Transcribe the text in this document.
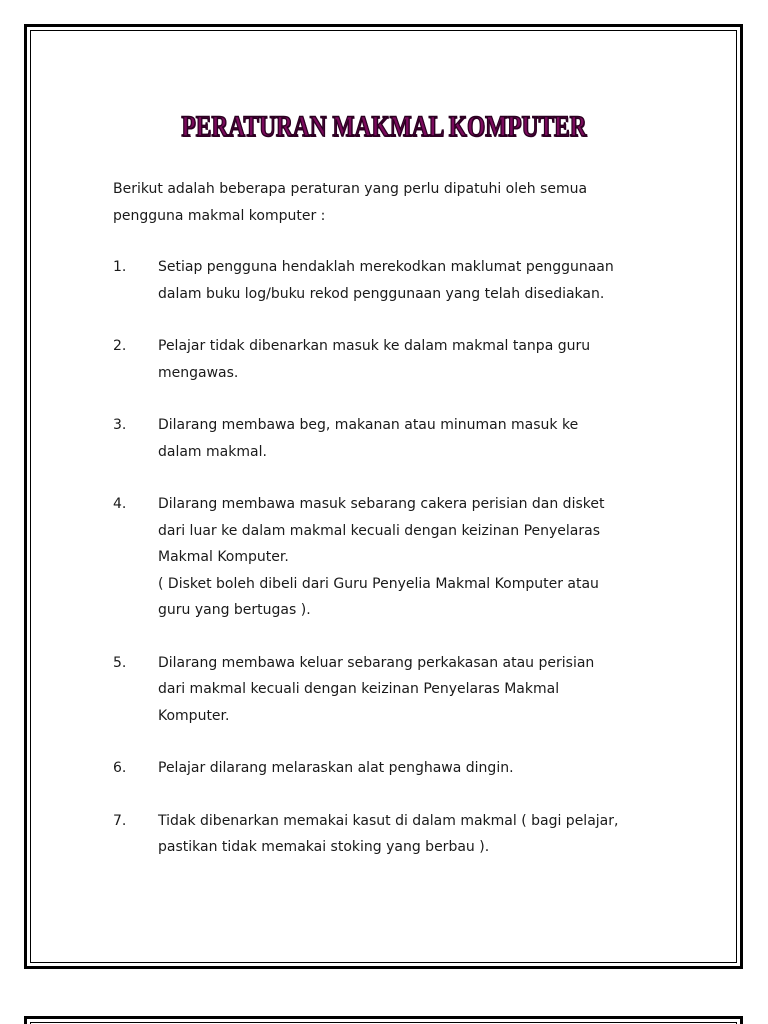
PERATURAN MAKMAL KOMPUTER
Berikut adalah beberapa peraturan yang perlu dipatuhi oleh semua pengguna makmal komputer :
1.	Setiap pengguna hendaklah merekodkan maklumat penggunaan
dalam buku log/buku rekod penggunaan yang telah disediakan.
2.	Pelajar tidak dibenarkan masuk ke dalam makmal tanpa guru
mengawas.
3.	Dilarang membawa beg, makanan atau minuman masuk ke
dalam makmal.
4.	Dilarang membawa masuk sebarang cakera perisian dan disket
dari luar ke dalam makmal kecuali dengan keizinan Penyelaras
Makmal Komputer.
( Disket boleh dibeli dari Guru Penyelia Makmal Komputer atau
guru yang bertugas ).
5.	Dilarang membawa keluar sebarang perkakasan atau perisian
dari makmal kecuali dengan keizinan Penyelaras Makmal
Komputer.
6.	Pelajar dilarang melaraskan alat penghawa dingin.
7.	Tidak dibenarkan memakai kasut di dalam makmal ( bagi pelajar,
pastikan tidak memakai stoking yang berbau ).
